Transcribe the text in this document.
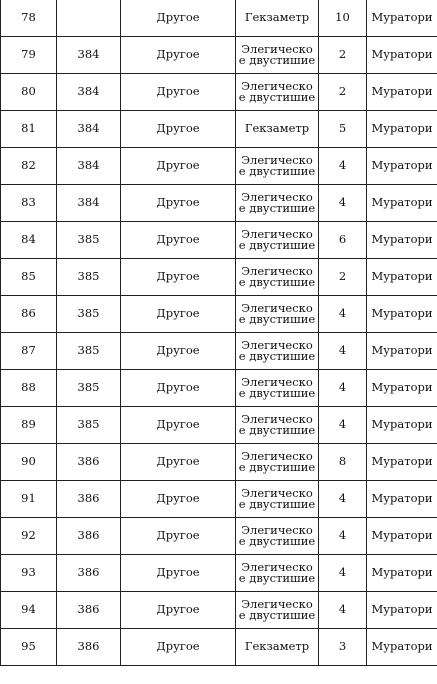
78		Другое	Гекзаметр	10	Муратори
79	384	Другое	Элегическое двустишие	2	Муратори
80	384	Другое	Элегическое двустишие	2	Муратори
81	384	Другое	Гекзаметр	5	Муратори
82	384	Другое	Элегическое двустишие	4	Муратори
83	384	Другое	Элегическое двустишие	4	Муратори
84	385	Другое	Элегическое двустишие	6	Муратори
85	385	Другое	Элегическое двустишие	2	Муратори
86	385	Другое	Элегическое двустишие	4	Муратори
87	385	Другое	Элегическое двустишие	4	Муратори
88	385	Другое	Элегическое двустишие	4	Муратори
89	385	Другое	Элегическое двустишие	4	Муратори
90	386	Другое	Элегическое двустишие	8	Муратори
91	386	Другое	Элегическое двустишие	4	Муратори
92	386	Другое	Элегическое двустишие	4	Муратори
93	386	Другое	Элегическое двустишие	4	Муратори
94	386	Другое	Элегическое двустишие	4	Муратори
95	386	Другое	Гекзаметр	3	Муратори
